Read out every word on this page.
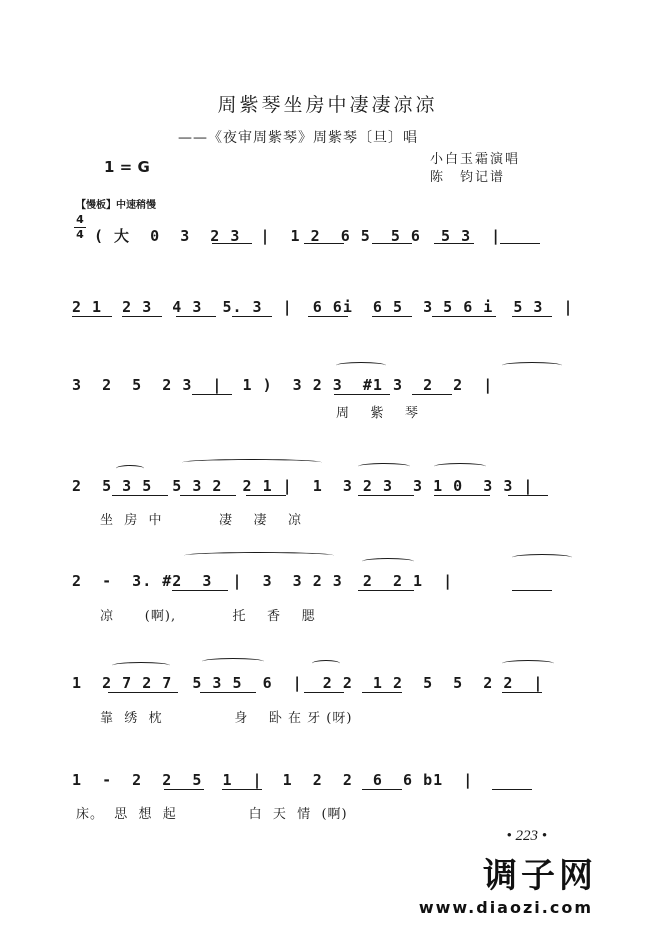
周紫琴坐房中凄凄凉凉
——《夜审周紫琴》周紫琴〔旦〕唱
小白玉霜演唱
陈　钧记谱
1 = G
【慢板】中速稍慢
4
4 ( 大  0  3  2 3  |  1 2  6 5  5 6  5 3  |
2 1  2 3  4 3  5. 3  |  6 6i  6 5  3 5 6 i  5 3  |
3  2  5  2 3  |  1 )  3 2 3  #1 3  2  2  |
周    紫    琴
2  5 3 5  5 3 2  2 1 |  1  3 2 3  3 1 0  3 3 |
坐  房  中           凄    凄    凉
2  -  3. #2  3  |  3  3 2 3  2  2 1  |
凉      (啊),           托    香    腮
1  2 7 2 7  5 3 5  6  |  2 2  1 2  5  5  2 2  |
靠  绣  枕              身    卧 在 牙 (呀)
1  -  2  2  5  1  |  1  2  2  6  6 b1  |
床。  思  想  起              白  天  情  (啊)
• 223 •
调子网
www.diaozi.com
